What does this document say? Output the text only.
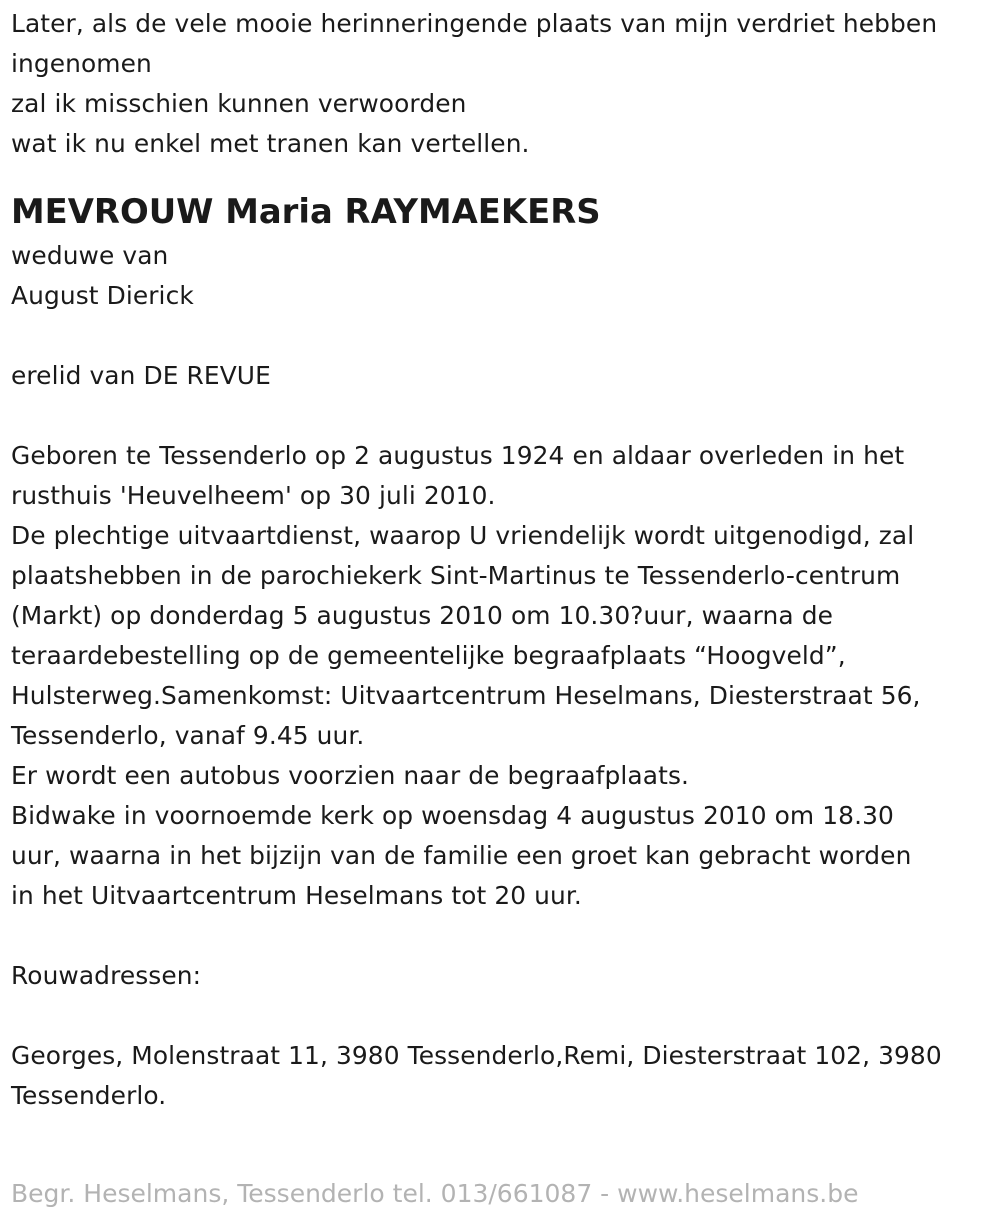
Later, als de vele mooie herinneringende plaats van mijn verdriet hebben
ingenomen
zal ik misschien kunnen verwoorden
wat ik nu enkel met tranen kan vertellen.
MEVROUW Maria RAYMAEKERS
weduwe van
August Dierick
erelid van DE REVUE
Geboren te Tessenderlo op 2 augustus 1924 en aldaar overleden in het
rusthuis 'Heuvelheem' op 30 juli 2010.
De plechtige uitvaartdienst, waarop U vriendelijk wordt uitgenodigd, zal
plaatshebben in de parochiekerk Sint-Martinus te Tessenderlo-centrum
(Markt) op donderdag 5 augustus 2010 om 10.30?uur, waarna de
teraardebestelling op de gemeentelijke begraafplaats “Hoogveld”,
Hulsterweg.Samenkomst: Uitvaartcentrum Heselmans, Diesterstraat 56,
Tessenderlo, vanaf 9.45 uur.
Er wordt een autobus voorzien naar de begraafplaats.
Bidwake in voornoemde kerk op woensdag 4 augustus 2010 om 18.30
uur, waarna in het bijzijn van de familie een groet kan gebracht worden
in het Uitvaartcentrum Heselmans tot 20 uur.
Rouwadressen:
Georges, Molenstraat 11, 3980 Tessenderlo,Remi, Diesterstraat 102, 3980
Tessenderlo.
Begr. Heselmans, Tessenderlo tel. 013/661087 - www.heselmans.be
